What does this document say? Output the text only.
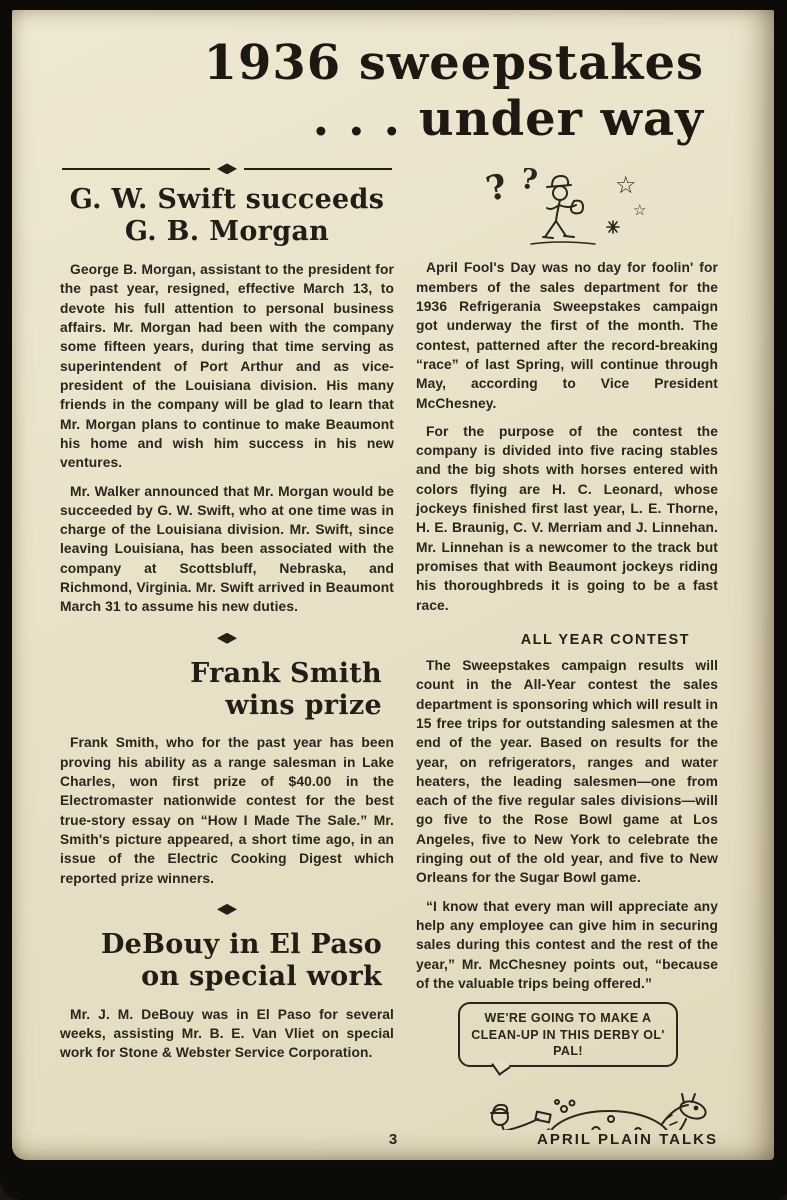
1936 sweepstakes
. . . under way
G. W. Swift succeeds
G. B. Morgan

George B. Morgan, assistant to the president for the past year, resigned, effective March 13, to devote his full attention to personal business affairs. Mr. Morgan had been with the company some fifteen years, during that time serving as superintendent of Port Arthur and as vice-president of the Louisiana division. His many friends in the company will be glad to learn that Mr. Morgan plans to continue to make Beaumont his home and wish him success in his new ventures.

Mr. Walker announced that Mr. Morgan would be succeeded by G. W. Swift, who at one time was in charge of the Louisiana division. Mr. Swift, since leaving Louisiana, has been associated with the company at Scottsbluff, Nebraska, and Richmond, Virginia. Mr. Swift arrived in Beaumont March 31 to assume his new duties.

Frank Smith
wins prize

Frank Smith, who for the past year has been proving his ability as a range salesman in Lake Charles, won first prize of $40.00 in the Electromaster nationwide contest for the best true-story essay on “How I Made The Sale.” Mr. Smith's picture appeared, a short time ago, in an issue of the Electric Cooking Digest which reported prize winners.

DeBouy in El Paso
on special work

Mr. J. M. DeBouy was in El Paso for several weeks, assisting Mr. B. E. Van Vliet on special work for Stone & Webster Service Corporation.

? ?	☆
☆

April Fool's Day was no day for foolin' for members of the sales department for the 1936 Refrigerania Sweepstakes campaign got underway the first of the month. The contest, patterned after the record-breaking “race” of last Spring, will continue through May, according to Vice President McChesney.

For the purpose of the contest the company is divided into five racing stables and the big shots with horses entered with colors flying are H. C. Leonard, whose jockeys finished first last year, L. E. Thorne, H. E. Braunig, C. V. Merriam and J. Linnehan. Mr. Linnehan is a newcomer to the track but promises that with Beaumont jockeys riding his thoroughbreds it is going to be a fast race.

ALL YEAR CONTEST

The Sweepstakes campaign results will count in the All-Year contest the sales department is sponsoring which will result in 15 free trips for outstanding salesmen at the end of the year. Based on results for the year, on refrigerators, ranges and water heaters, the leading salesmen—one from each of the five regular sales divisions—will go five to the Rose Bowl game at Los Angeles, five to New York to celebrate the ringing out of the old year, and five to New Orleans for the Sugar Bowl game.

“I know that every man will appreciate any help any employee can give him in securing sales during this contest and the rest of the year,” Mr. McChesney points out, “because of the valuable trips being offered.”

WE'RE GOING TO MAKE A CLEAN-UP IN THIS DERBY OL' PAL!
3	APRIL PLAIN TALKS
